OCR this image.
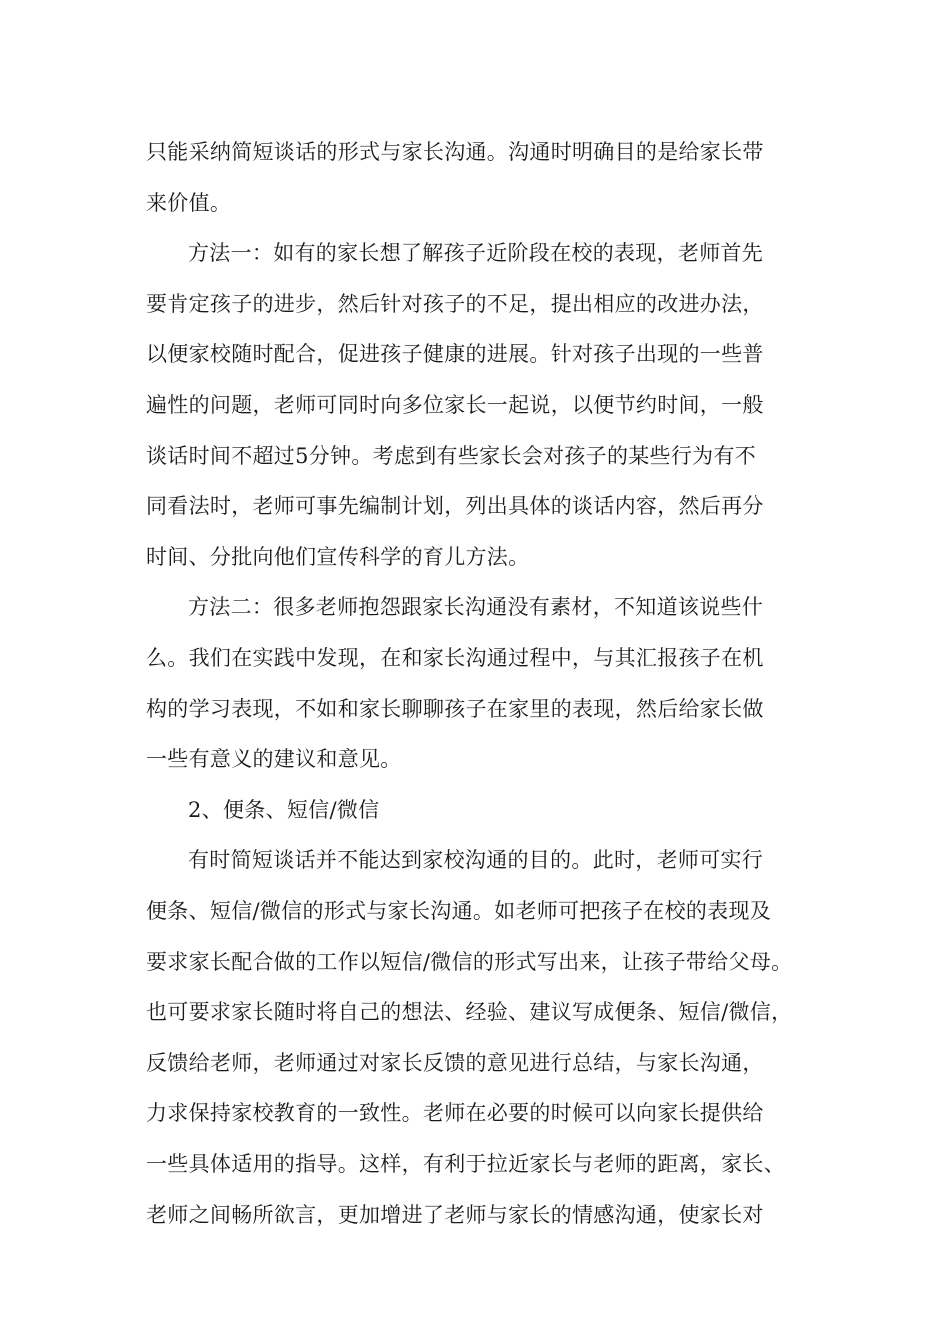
只能采纳简短谈话的形式与家长沟通。沟通时明确目的是给家长带
来价值。
方法一：如有的家长想了解孩子近阶段在校的表现，老师首先
要肯定孩子的进步，然后针对孩子的不足，提出相应的改进办法，
以便家校随时配合，促进孩子健康的进展。针对孩子出现的一些普
遍性的问题，老师可同时向多位家长一起说，以便节约时间，一般
谈话时间不超过5分钟。考虑到有些家长会对孩子的某些行为有不
同看法时，老师可事先编制计划，列出具体的谈话内容，然后再分
时间、分批向他们宣传科学的育儿方法。
方法二：很多老师抱怨跟家长沟通没有素材，不知道该说些什
么。我们在实践中发现，在和家长沟通过程中，与其汇报孩子在机
构的学习表现，不如和家长聊聊孩子在家里的表现，然后给家长做
一些有意义的建议和意见。
2、便条、短信/微信
有时简短谈话并不能达到家校沟通的目的。此时，老师可实行
便条、短信/微信的形式与家长沟通。如老师可把孩子在校的表现及
要求家长配合做的工作以短信/微信的形式写出来，让孩子带给父母。
也可要求家长随时将自己的想法、经验、建议写成便条、短信/微信，
反馈给老师，老师通过对家长反馈的意见进行总结，与家长沟通，
力求保持家校教育的一致性。老师在必要的时候可以向家长提供给
一些具体适用的指导。这样，有利于拉近家长与老师的距离，家长、
老师之间畅所欲言，更加增进了老师与家长的情感沟通，使家长对
